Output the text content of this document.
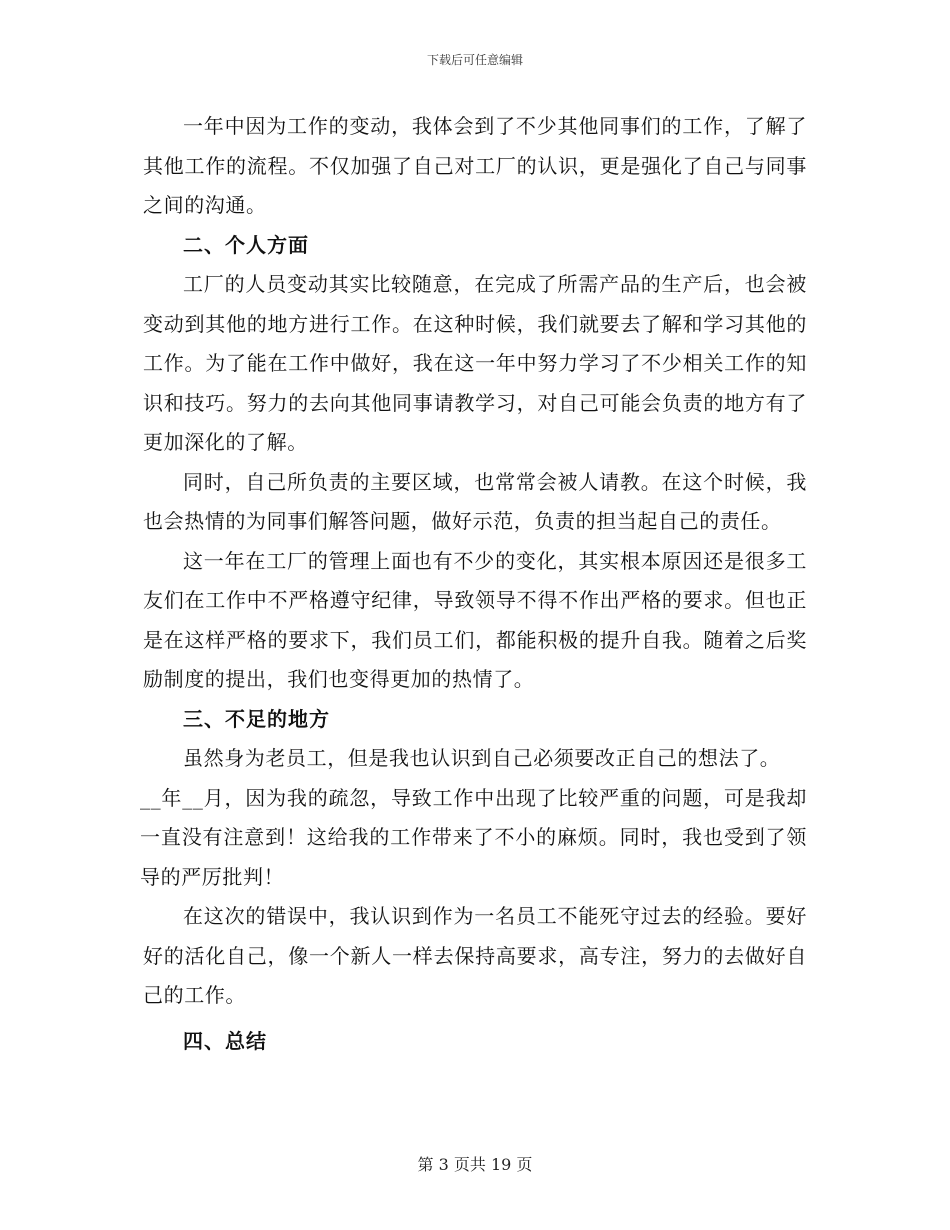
下载后可任意编辑

一年中因为工作的变动，我体会到了不少其他同事们的工作，了解了其他工作的流程。不仅加强了自己对工厂的认识，更是强化了自己与同事之间的沟通。

二、个人方面

工厂的人员变动其实比较随意，在完成了所需产品的生产后，也会被变动到其他的地方进行工作。在这种时候，我们就要去了解和学习其他的工作。为了能在工作中做好，我在这一年中努力学习了不少相关工作的知识和技巧。努力的去向其他同事请教学习，对自己可能会负责的地方有了更加深化的了解。

同时，自己所负责的主要区域，也常常会被人请教。在这个时候，我也会热情的为同事们解答问题，做好示范，负责的担当起自己的责任。

这一年在工厂的管理上面也有不少的变化，其实根本原因还是很多工友们在工作中不严格遵守纪律，导致领导不得不作出严格的要求。但也正是在这样严格的要求下，我们员工们，都能积极的提升自我。随着之后奖励制度的提出，我们也变得更加的热情了。

三、不足的地方

虽然身为老员工，但是我也认识到自己必须要改正自己的想法了。

__年__月，因为我的疏忽，导致工作中出现了比较严重的问题，可是我却一直没有注意到！这给我的工作带来了不小的麻烦。同时，我也受到了领导的严厉批判！

在这次的错误中，我认识到作为一名员工不能死守过去的经验。要好好的活化自己，像一个新人一样去保持高要求，高专注，努力的去做好自己的工作。

四、总结
第 3 页共 19 页
